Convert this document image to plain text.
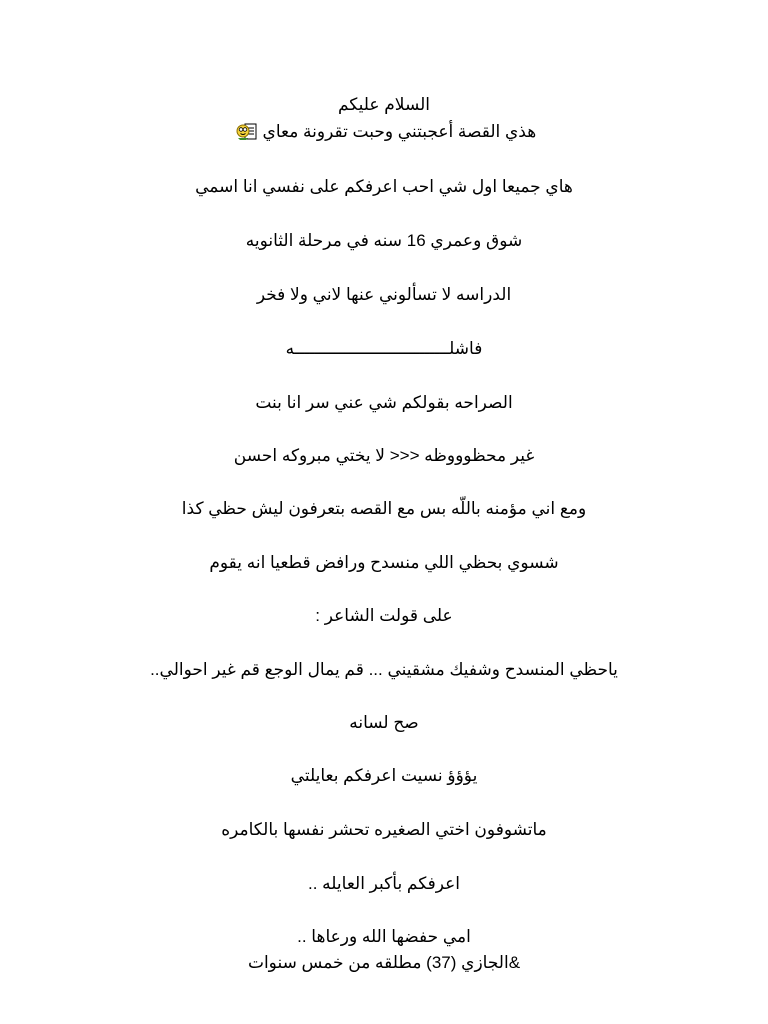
السلام عليكم
هذي القصة أعجبتني وحبت تقرونة معاي
هاي جميعا اول شي احب اعرفكم على نفسي انا اسمي
شوق وعمري 16 سنه في مرحلة الثانويه
الدراسه لا تسألوني عنها لاني ولا فخر
فاشلـــــــــــــــــــــــــــــــه
الصراحه بقولكم شي عني سر انا بنت
غير محظوووظه <<< لا يختي مبروكه احسن
ومع اني مؤمنه باللّه بس مع القصه بتعرفون ليش حظي كذا
شسوي بحظي اللي منسدح ورافض قطعيا انه يقوم
على قولت الشاعر :
ياحظي المنسدح وشفيك مشقيني ... قم يمال الوجع قم غير احوالي..
صح لسانه
يؤؤؤ نسيت اعرفكم بعايلتي
ماتشوفون اختي الصغيره تحشر نفسها بالكامره
اعرفكم بأكبر العايله ..
امي حفضها الله ورعاها ..
&الجازي (37) مطلقه من خمس سنوات
